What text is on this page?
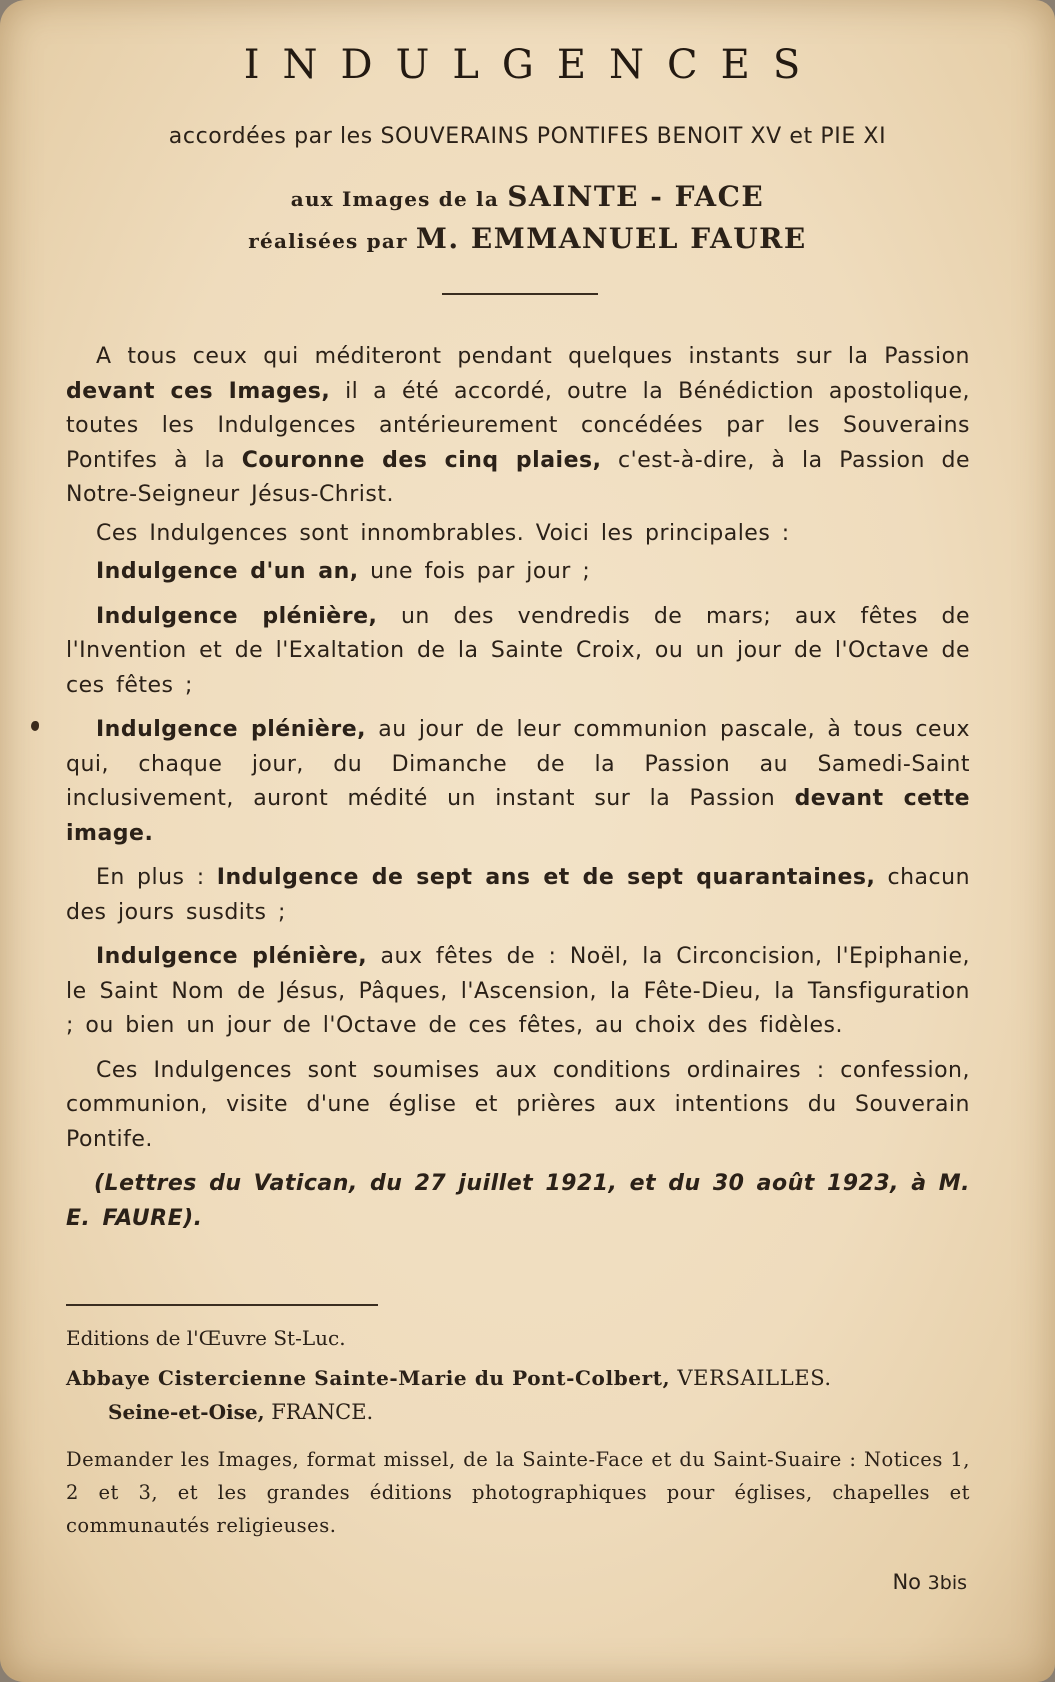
INDULGENCES
accordées par les SOUVERAINS PONTIFES BENOIT XV et PIE XI
aux Images de la SAINTE - FACE
réalisées par M. EMMANUEL FAURE

A tous ceux qui méditeront pendant quelques instants sur la Passion devant ces Images, il a été accordé, outre la Bénédiction apostolique, toutes les Indulgences antérieurement concédées par les Souverains Pontifes à la Couronne des cinq plaies, c'est-à-dire, à la Passion de Notre-Seigneur Jésus-Christ.

Ces Indulgences sont innombrables. Voici les principales :

Indulgence d'un an, une fois par jour ;

Indulgence plénière, un des vendredis de mars; aux fêtes de l'Invention et de l'Exaltation de la Sainte Croix, ou un jour de l'Octave de ces fêtes ;

Indulgence plénière, au jour de leur communion pascale, à tous ceux qui, chaque jour, du Dimanche de la Passion au Samedi-Saint inclusivement, auront médité un instant sur la Passion devant cette image.

En plus : Indulgence de sept ans et de sept quarantaines, chacun des jours susdits ;

Indulgence plénière, aux fêtes de : Noël, la Circoncision, l'Epiphanie, le Saint Nom de Jésus, Pâques, l'Ascension, la Fête-Dieu, la Tansfiguration ; ou bien un jour de l'Octave de ces fêtes, au choix des fidèles.

Ces Indulgences sont soumises aux conditions ordinaires : confession, communion, visite d'une église et prières aux intentions du Souverain Pontife.

(Lettres du Vatican, du 27 juillet 1921, et du 30 août 1923, à M. E. FAURE).

Editions de l'Œuvre St-Luc.
Abbaye Cistercienne Sainte-Marie du Pont-Colbert, VERSAILLES.
Seine-et-Oise, FRANCE.
Demander les Images, format missel, de la Sainte-Face et du Saint-Suaire : Notices 1, 2 et 3, et les grandes éditions photographiques pour églises, chapelles et communautés religieuses.
No 3bis
